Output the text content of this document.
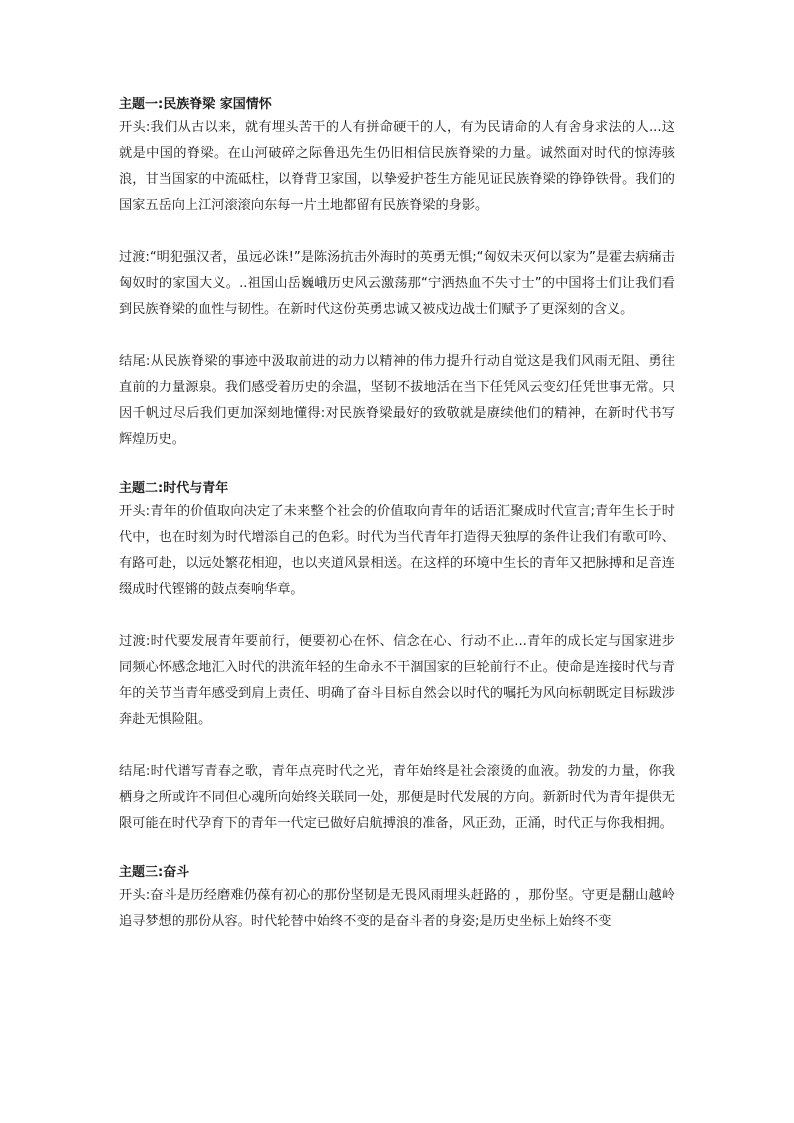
主题一:民族脊梁 家国情怀

开头:我们从古以来，就有埋头苦干的人有拼命硬干的人，有为民请命的人有舍身求法的人...这就是中国的脊梁。在山河破碎之际鲁迅先生仍旧相信民族脊梁的力量。诚然面对时代的惊涛骇浪，甘当国家的中流砥柱，以脊背卫家国，以挚爱护苍生方能见证民族脊梁的铮铮铁骨。我们的国家五岳向上江河滚滚向东每一片土地都留有民族脊梁的身影。

过渡:“明犯强汉者，虽远必诛!”是陈汤抗击外海时的英勇无惧;“匈奴未灭何以家为”是霍去病痛击匈奴时的家国大义。..祖国山岳巍峨历史风云激荡那“宁洒热血不失寸士”的中国将士们让我们看到民族脊梁的血性与韧性。在新时代这份英勇忠诚又被戍边战士们赋予了更深刻的含义。

结尾:从民族脊梁的事迹中汲取前进的动力以精神的伟力提升行动自觉这是我们风雨无阻、勇往直前的力量源泉。我们感受着历史的余温，坚韧不拔地活在当下任凭风云变幻任凭世事无常。只因千帆过尽后我们更加深刻地懂得:对民族脊梁最好的致敬就是赓续他们的精神，在新时代书写辉煌历史。

主题二:时代与青年

开头:青年的价值取向决定了未来整个社会的价值取向青年的话语汇聚成时代宣言;青年生长于时代中，也在时刻为时代增添自己的色彩。时代为当代青年打造得天独厚的条件让我们有歌可吟、有路可赴，以远处繁花相迎，也以夹道风景相送。在这样的环境中生长的青年又把脉搏和足音连缀成时代铿锵的鼓点奏响华章。

过渡:时代要发展青年要前行，便要初心在怀、信念在心、行动不止...青年的成长定与国家进步同频心怀感念地汇入时代的洪流年轻的生命永不干涸国家的巨轮前行不止。使命是连接时代与青年的关节当青年感受到肩上责任、明确了奋斗目标自然会以时代的嘱托为风向标朝既定目标跋涉奔赴无惧险阻。

结尾:时代谱写青春之歌，青年点亮时代之光，青年始终是社会滚烫的血液。勃发的力量，你我栖身之所或许不同但心魂所向始终关联同一处，那便是时代发展的方向。新新时代为青年提供无限可能在时代孕育下的青年一代定已做好启航搏浪的准备，风正劲，正涌，时代正与你我相拥。

主题三:奋斗

开头:奋斗是历经磨难仍葆有初心的那份坚韧是无畏风雨埋头赶路的 ，那份坚。守更是翻山越岭追寻梦想的那份从容。时代轮替中始终不变的是奋斗者的身姿;是历史坐标上始终不变
